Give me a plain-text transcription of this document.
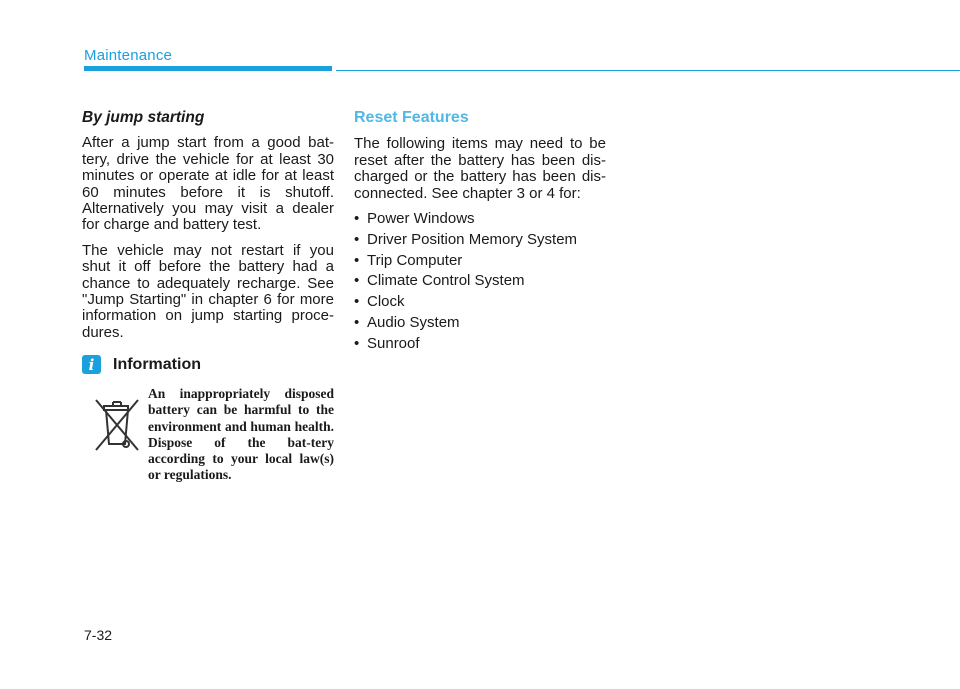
Maintenance
By jump starting

After a jump start from a good bat-tery, drive the vehicle for at least 30 minutes or operate at idle for at least 60 minutes before it is shutoff. Alternatively you may visit a dealer for charge and battery test.

The vehicle may not restart if you shut it off before the battery had a chance to adequately recharge. See "Jump Starting" in chapter 6 for more information on jump starting proce-dures.

i	Information
An inappropriately disposed battery can be harmful to the environment and human health. Dispose of the bat-tery according to your local law(s) or regulations.
Reset Features

The following items may need to be reset after the battery has been dis-charged or the battery has been dis-connected. See chapter 3 or 4 for:

• Power Windows
• Driver Position Memory System
• Trip Computer
• Climate Control System
• Clock
• Audio System
• Sunroof
7-32
